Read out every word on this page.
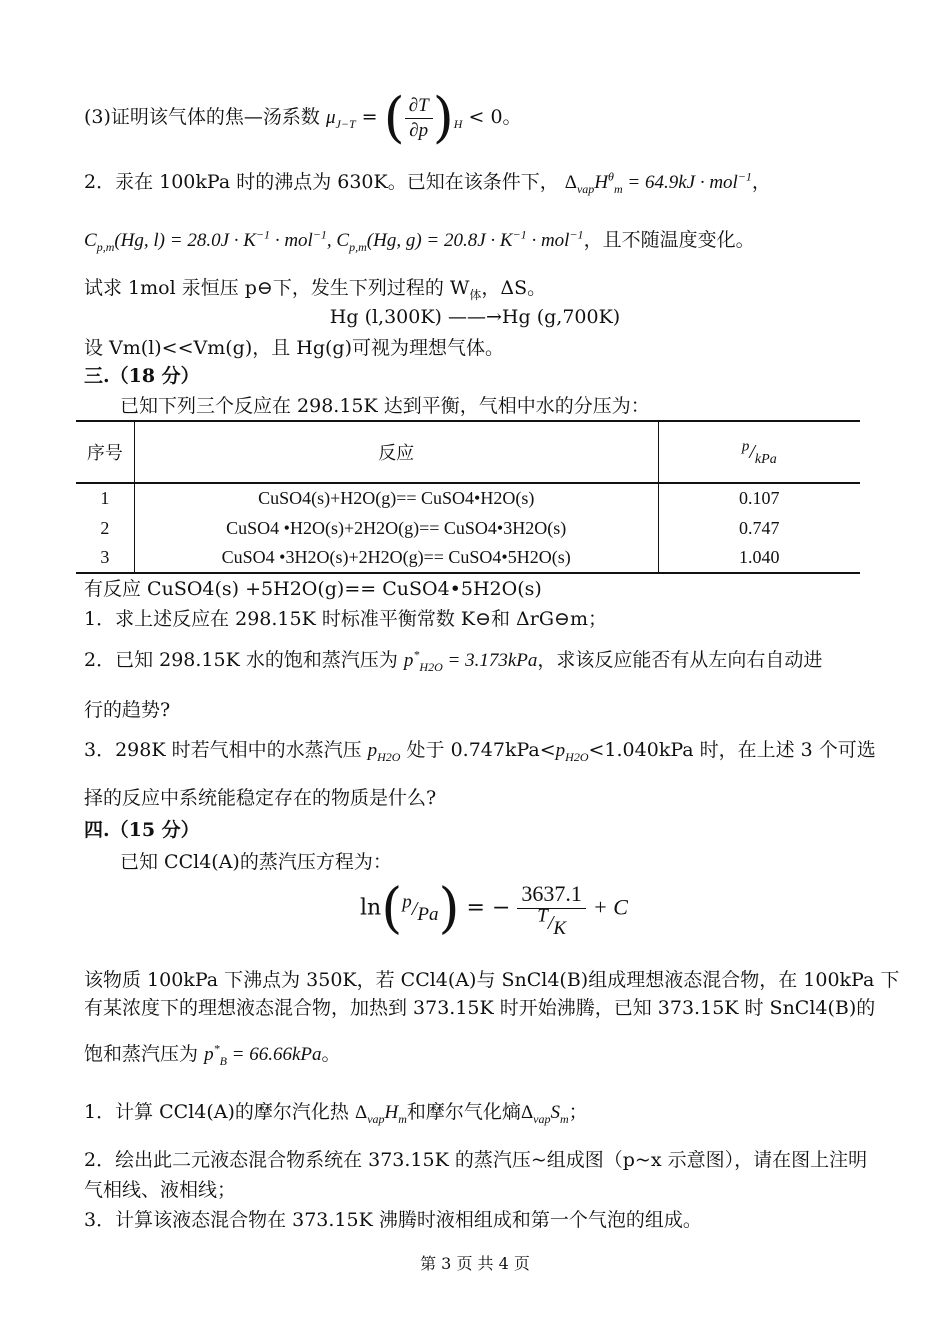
(3)证明该气体的焦—汤系数 $\mu_{J-T}$ = ( $\frac{\partial T}{\partial p} )_H < 0$。
2．汞在 100kPa 时的沸点为 630K。已知在该条件下， $\Delta_{vap}H^\theta_m = 64.9kJ \cdot mol^{-1}$，
$C_{p,m}(Hg$, $l) = 28.0J \cdot K^{-1} \cdot mol^{-1}$, $C_{p,m}(Hg$, $g) = 20.8J \cdot K^{-1} \cdot mol^{-1}$，且不随温度变化。
试求 1mol 汞恒压 p⊖下，发生下列过程的 $W_体$，ΔS。
Hg (l,300K) ——→Hg (g,700K)
设 Vm(l)<<Vm(g)，且 Hg(g)可视为理想气体。
三.（18 分）
已知下列三个反应在 298.15K 达到平衡，气相中水的分压为：
序号	反应	$^p/_{kPa}$
1	CuSO4(s)+H2O(g)== CuSO4•H2O(s)	0.107
2	CuSO4 •H2O(s)+2H2O(g)== CuSO4•3H2O(s)	0.747
3	CuSO4 •3H2O(s)+2H2O(g)== CuSO4•5H2O(s)	1.040
有反应 CuSO4(s) +5H2O(g)== CuSO4•5H2O(s)
1．求上述反应在 298.15K 时标准平衡常数 K⊖和 ΔrG⊖m；
2．已知 298.15K 水的饱和蒸汽压为 $p^*_{H2O} = 3.173kPa$，求该反应能否有从左向右自动进
行的趋势?
3．298K 时若气相中的水蒸汽压 $p_{H2O}$ 处于 $0.747kPa<p_{H2O}<1.040kPa$ 时，在上述 3 个可选
择的反应中系统能稳定存在的物质是什么?
四.（15 分）
已知 CCl4(A)的蒸汽压方程为：
$\ln(^p/_{Pa})$ = − $\frac{3637.1}{^T/_K} + C$
该物质 100kPa 下沸点为 350K，若 CCl4(A)与 SnCl4(B)组成理想液态混合物，在 100kPa 下
有某浓度下的理想液态混合物，加热到 373.15K 时开始沸腾，已知 373.15K 时 SnCl4(B)的
饱和蒸汽压为 $p^*_B = 66.66kPa$。
1．计算 CCl4(A)的摩尔汽化热 $\Delta_{vap}H_m$和摩尔气化熵$\Delta_{vap}S_m$；
2．绘出此二元液态混合物系统在 373.15K 的蒸汽压~组成图（p~x 示意图），请在图上注明
气相线、液相线；
3．计算该液态混合物在 373.15K 沸腾时液相组成和第一个气泡的组成。
第 3 页 共 4 页
